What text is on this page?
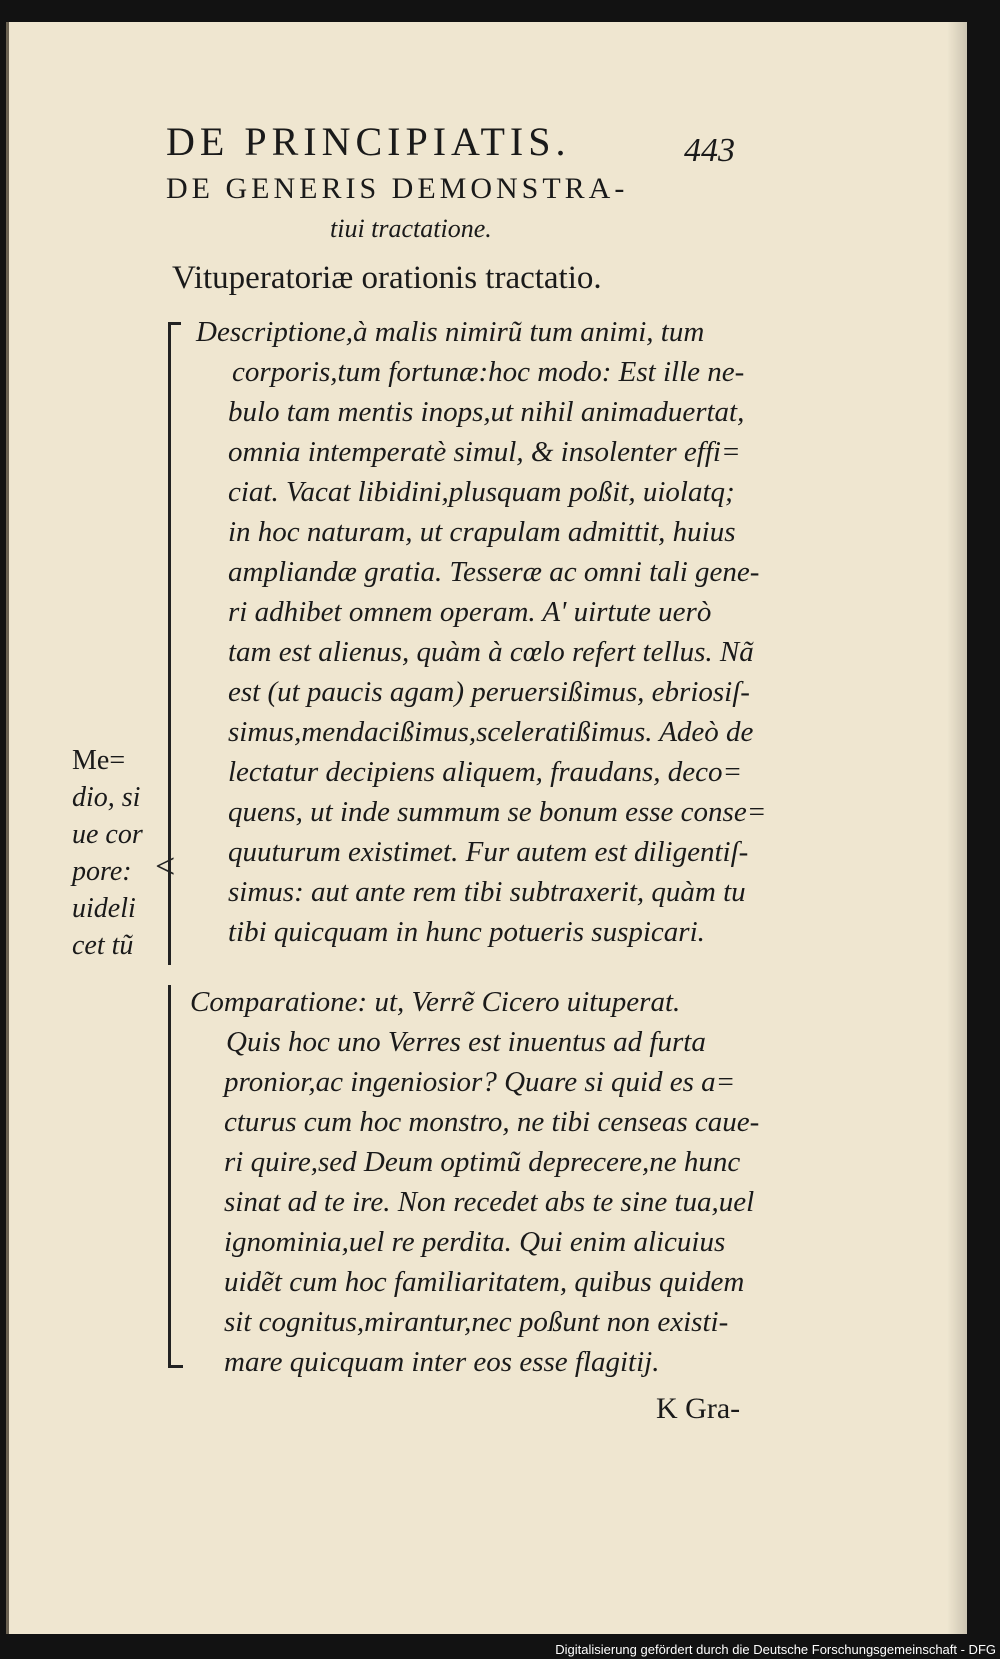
DE PRINCIPIATIS.	443
DE GENERIS DEMONSTRA-
tiui tractatione.
Vituperatoriæ orationis tractatio.
<
Descriptione,à malis nimirũ tum animi, tum
corporis,tum fortunæ:hoc modo: Est ille ne-
bulo tam mentis inops,ut nihil animaduertat,
omnia intemperatè simul, & insolenter effi=
ciat. Vacat libidini,plusquam poßit, uiolatq;
in hoc naturam, ut crapulam admittit, huius
ampliandæ gratia. Tesseræ ac omni tali gene-
ri adhibet omnem operam. A' uirtute uerò
tam est alienus, quàm à cœlo refert tellus. Nã
est (ut paucis agam) peruersißimus, ebriosiſ-
simus,mendacißimus,sceleratißimus. Adeò de
lectatur decipiens aliquem, fraudans, deco=
quens, ut inde summum se bonum esse conse=
quuturum existimet. Fur autem est diligentiſ-
simus: aut ante rem tibi subtraxerit, quàm tu
tibi quicquam in hunc potueris suspicari.
Me=
dio, si
ue cor
pore:
uideli
cet tũ
Comparatione: ut, Verrẽ Cicero uituperat.
Quis hoc uno Verres est inuentus ad furta
pronior,ac ingeniosior? Quare si quid es a=
cturus cum hoc monstro, ne tibi censeas caue-
ri quire,sed Deum optimũ deprecere,ne hunc
sinat ad te ire. Non recedet abs te sine tua,uel
ignominia,uel re perdita. Qui enim alicuius
uidẽt cum hoc familiaritatem, quibus quidem
sit cognitus,mirantur,nec poßunt non existi-
mare quicquam inter eos esse flagitij.
K Gra-
Digitalisierung gefördert durch die Deutsche Forschungsgemeinschaft - DFG
